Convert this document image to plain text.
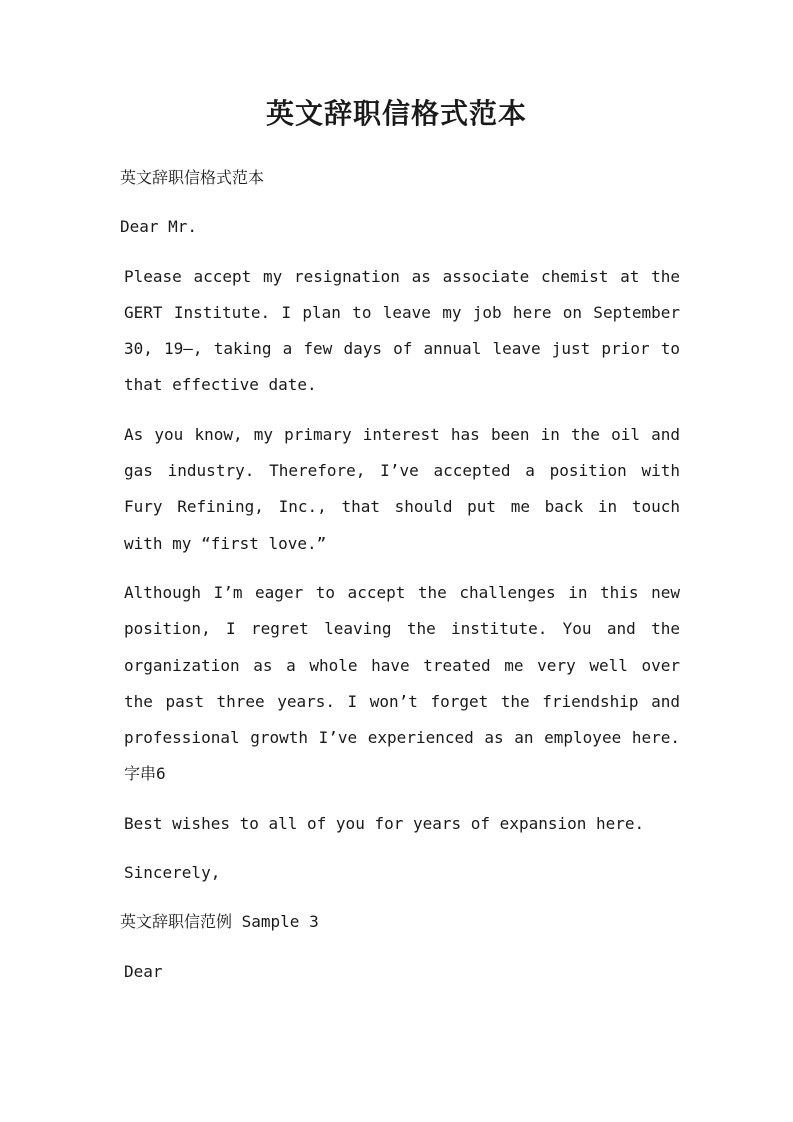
英文辞职信格式范本

英文辞职信格式范本

Dear Mr.

Please accept my resignation as associate chemist at the GERT Institute. I plan to leave my job here on September 30, 19–, taking a few days of annual leave just prior to that effective date.

As you know, my primary interest has been in the oil and gas industry. Therefore, I’ve accepted a position with Fury Refining, Inc., that should put me back in touch with my “first love.”

Although I’m eager to accept the challenges in this new position, I regret leaving the institute. You and the organization as a whole have treated me very well over the past three years. I won’t forget the friendship and professional growth I’ve experienced as an employee here. 字串6

Best wishes to all of you for years of expansion here.

Sincerely,

英文辞职信范例 Sample 3

Dear
